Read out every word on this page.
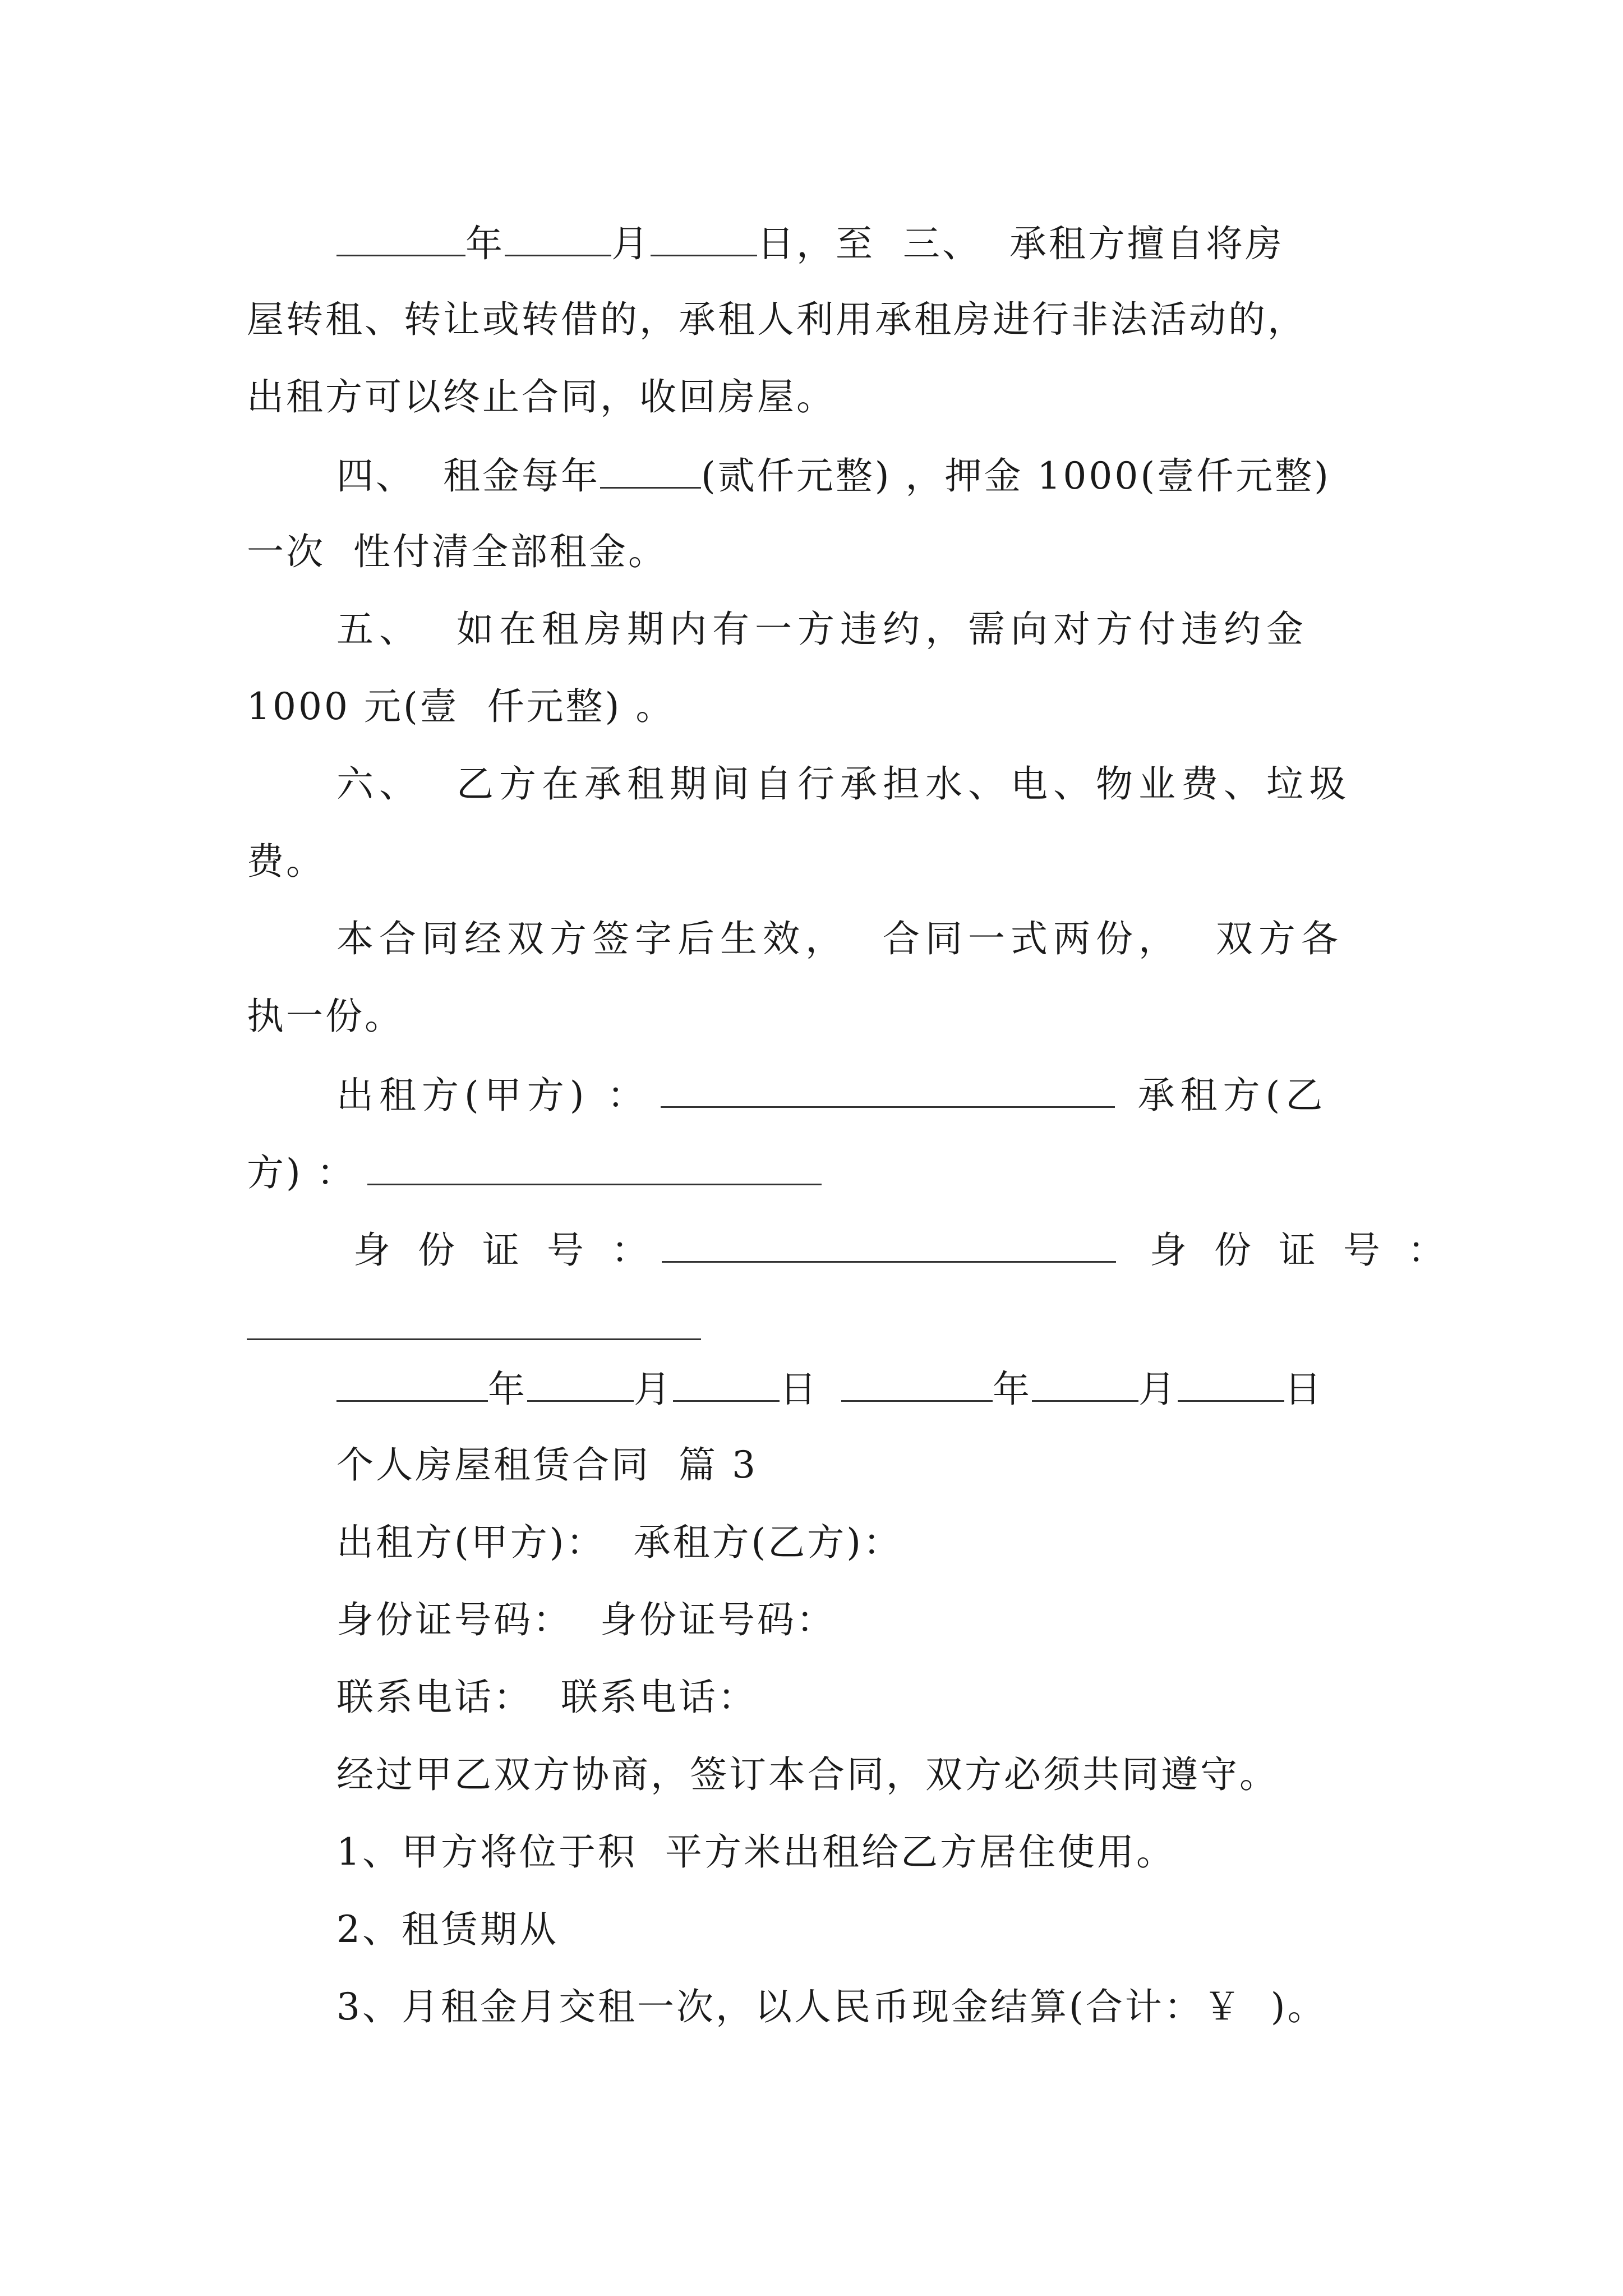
年	月	日，至  三、  承租方擅自将房
屋转租、转让或转借的，承租人利用承租房进行非法活动的，
出租方可以终止合同，收回房屋。
四、  租金每年	(贰仟元整) ，押金 1000(壹仟元整)
一次  性付清全部租金。
五、  如在租房期内有一方违约，需向对方付违约金
1000 元(壹  仟元整) 。
六、  乙方在承租期间自行承担水、电、物业费、垃圾
费。
本合同经双方签字后生效，  合同一式两份，  双方各
执一份。
出租方(甲方) ：	承租方(乙
方) ：
身 份 证 号 ：	身 份 证 号 ：
年	月	日	年	月	日
个人房屋租赁合同  篇 3
出租方(甲方)：  承租方(乙方)：
身份证号码：  身份证号码：
联系电话：  联系电话：
经过甲乙双方协商，签订本合同，双方必须共同遵守。
1、甲方将位于积  平方米出租给乙方居住使用。
2、租赁期从
3、月租金月交租一次，以人民币现金结算(合计：￥  )。
